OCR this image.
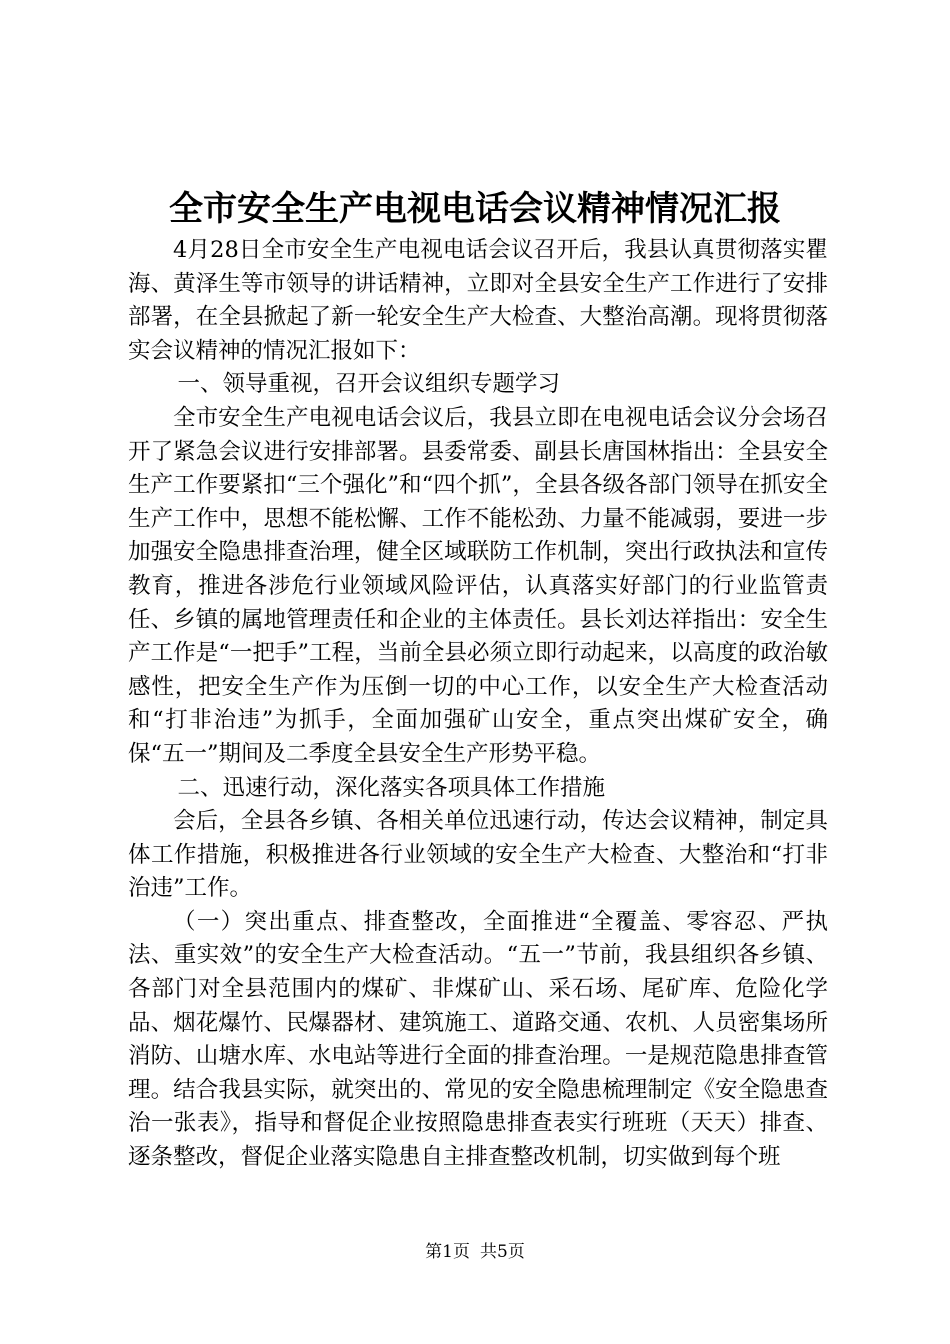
全市安全生产电视电话会议精神情况汇报

4月28日全市安全生产电视电话会议召开后，我县认真贯彻落实瞿海、黄泽生等市领导的讲话精神，立即对全县安全生产工作进行了安排部署，在全县掀起了新一轮安全生产大检查、大整治高潮。现将贯彻落实会议精神的情况汇报如下：

一、领导重视，召开会议组织专题学习

全市安全生产电视电话会议后，我县立即在电视电话会议分会场召开了紧急会议进行安排部署。县委常委、副县长唐国林指出：全县安全生产工作要紧扣“三个强化”和“四个抓”，全县各级各部门领导在抓安全生产工作中，思想不能松懈、工作不能松劲、力量不能减弱，要进一步加强安全隐患排查治理，健全区域联防工作机制，突出行政执法和宣传教育，推进各涉危行业领域风险评估，认真落实好部门的行业监管责任、乡镇的属地管理责任和企业的主体责任。县长刘达祥指出：安全生产工作是“一把手”工程，当前全县必须立即行动起来，以高度的政治敏感性，把安全生产作为压倒一切的中心工作，以安全生产大检查活动和“打非治违”为抓手，全面加强矿山安全，重点突出煤矿安全，确保“五一”期间及二季度全县安全生产形势平稳。

二、迅速行动，深化落实各项具体工作措施

会后，全县各乡镇、各相关单位迅速行动，传达会议精神，制定具体工作措施，积极推进各行业领域的安全生产大检查、大整治和“打非治违”工作。

（一）突出重点、排查整改，全面推进“全覆盖、零容忍、严执法、重实效”的安全生产大检查活动。“五一”节前，我县组织各乡镇、各部门对全县范围内的煤矿、非煤矿山、采石场、尾矿库、危险化学品、烟花爆竹、民爆器材、建筑施工、道路交通、农机、人员密集场所消防、山塘水库、水电站等进行全面的排查治理。一是规范隐患排查管理。结合我县实际，就突出的、常见的安全隐患梳理制定《安全隐患查治一张表》，指导和督促企业按照隐患排查表实行班班（天天）排查、逐条整改，督促企业落实隐患自主排查整改机制，切实做到每个班

第1页 共5页
